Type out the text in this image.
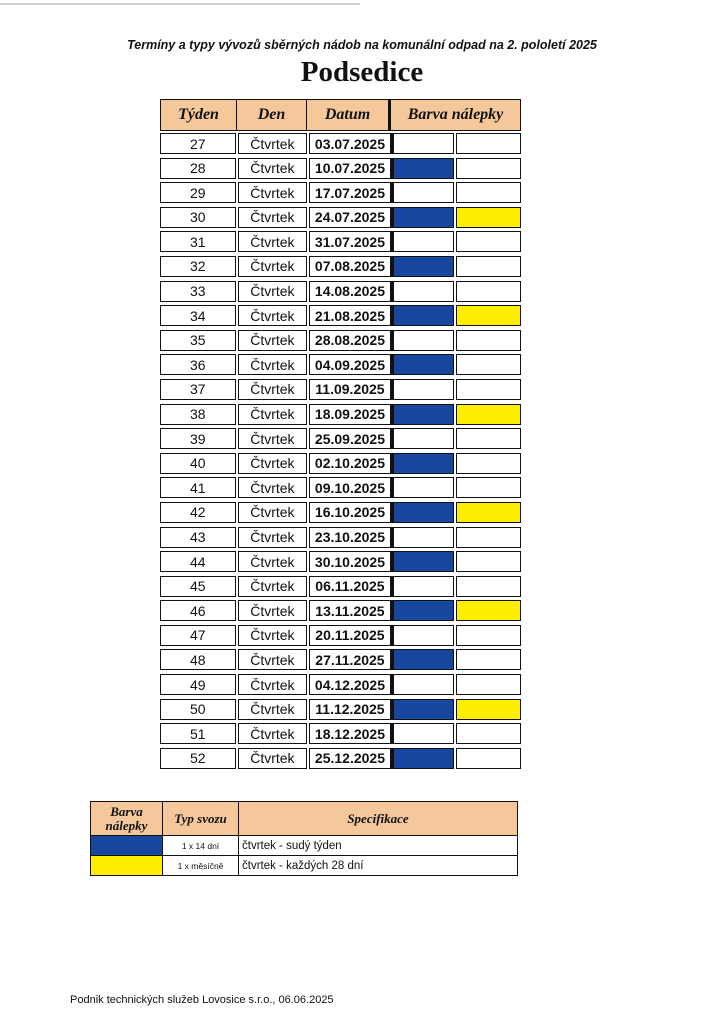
Termíny a typy vývozů sběrných nádob na komunální odpad na 2. pololetí 2025
Podsedice
Týden	Den	Datum	Barva nálepky
27	Čtvrtek	03.07.2025
28	Čtvrtek	10.07.2025
29	Čtvrtek	17.07.2025
30	Čtvrtek	24.07.2025
31	Čtvrtek	31.07.2025
32	Čtvrtek	07.08.2025
33	Čtvrtek	14.08.2025
34	Čtvrtek	21.08.2025
35	Čtvrtek	28.08.2025
36	Čtvrtek	04.09.2025
37	Čtvrtek	11.09.2025
38	Čtvrtek	18.09.2025
39	Čtvrtek	25.09.2025
40	Čtvrtek	02.10.2025
41	Čtvrtek	09.10.2025
42	Čtvrtek	16.10.2025
43	Čtvrtek	23.10.2025
44	Čtvrtek	30.10.2025
45	Čtvrtek	06.11.2025
46	Čtvrtek	13.11.2025
47	Čtvrtek	20.11.2025
48	Čtvrtek	27.11.2025
49	Čtvrtek	04.12.2025
50	Čtvrtek	11.12.2025
51	Čtvrtek	18.12.2025
52	Čtvrtek	25.12.2025
Barva nálepky	Typ svozu	Specifikace
1 x 14 dní	čtvrtek - sudý týden
1 x měsíčně	čtvrtek - každých 28 dní
Podnik technických služeb Lovosice s.r.o., 06.06.2025
